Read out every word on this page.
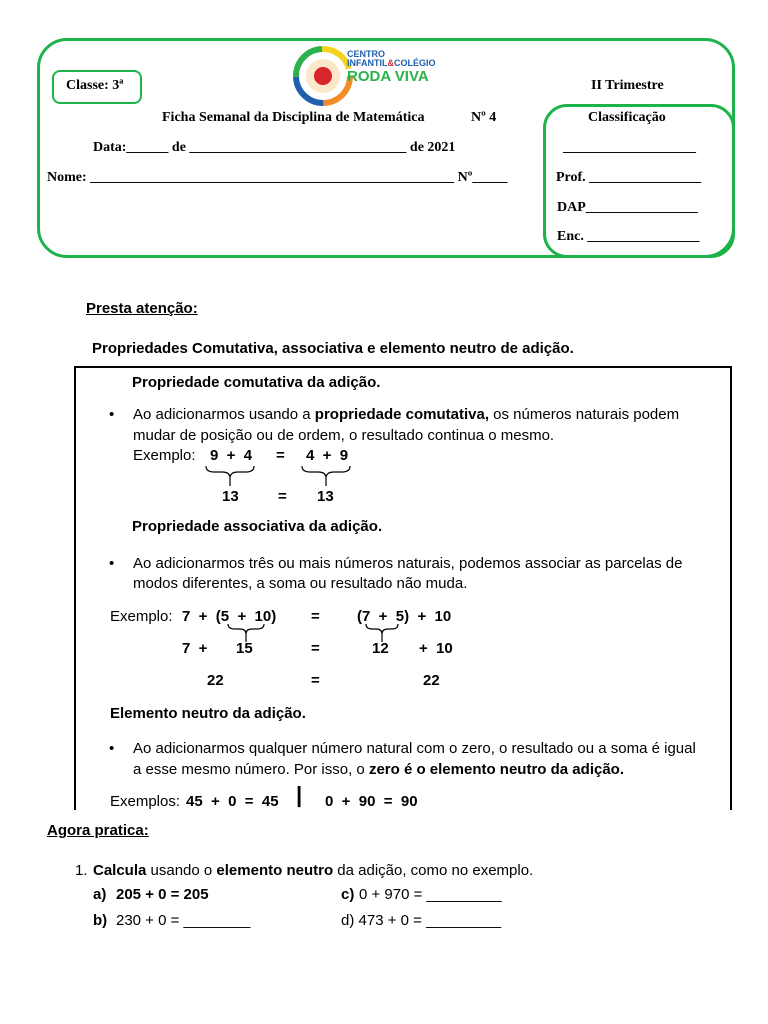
Classe: 3ª
CENTRO
INFANTIL&COLÉGIO
RODA VIVA
II Trimestre
Ficha Semanal da Disciplina de Matemática	Nº 4	Classificação
Data:______ de _______________________________ de 2021	___________________
Nome: ____________________________________________________ Nº_____	Prof. ________________
DAP________________
Enc. ________________
Presta atenção:
Propriedades Comutativa, associativa e elemento neutro de adição.
Propriedade comutativa da adição.
• Ao adicionarmos usando a propriedade comutativa, os números naturais podem
mudar de posição ou de ordem, o resultado continua o mesmo.
Exemplo: 9  +  4 = 4  +  9
13	= 13
Propriedade associativa da adição.
• Ao adicionarmos três ou mais números naturais, podemos associar as parcelas de
modos diferentes, a soma ou resultado não muda.
Exemplo: 7  +  (5  +  10) = (7  +  5)  +  10
7  + 15	=	12 +  10
22	=	22
Elemento neutro da adição.
• Ao adicionarmos qualquer número natural com o zero, o resultado ou a soma é igual
a esse mesmo número. Por isso, o zero é o elemento neutro da adição.
Exemplos: 45  +  0  =  45 | 0  +  90  =  90
Agora pratica:
1. Calcula usando o elemento neutro da adição, como no exemplo.
a) 205 + 0 = 205	c) 0 + 970 = _________
b) 230 + 0 = ________	d) 473 + 0 = _________
